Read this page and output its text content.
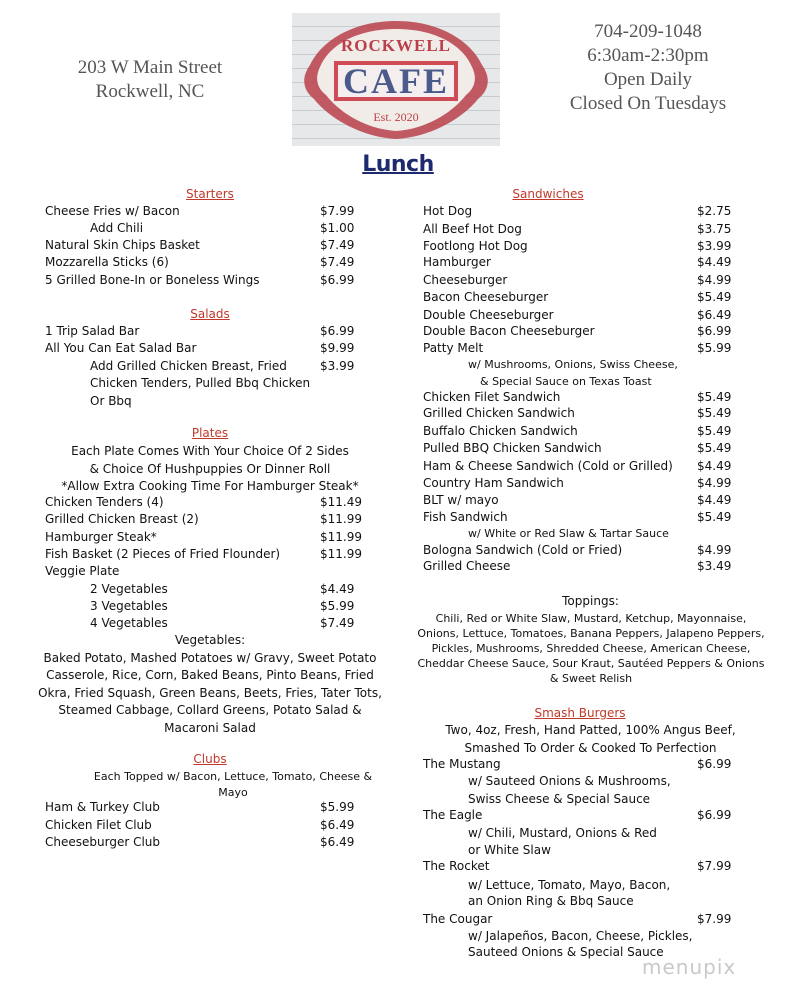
203 W Main Street
Rockwell, NC
ROCKWELL
CAFE
Est. 2020
704-209-1048
6:30am-2:30pm
Open Daily
Closed On Tuesdays
Lunch
Starters
Cheese Fries w/ Bacon	$7.99
Add Chili	$1.00
Natural Skin Chips Basket	$7.49
Mozzarella Sticks (6)	$7.49
5 Grilled Bone-In or Boneless Wings	$6.99
Salads
1 Trip Salad Bar	$6.99
All You Can Eat Salad Bar	$9.99
Add Grilled Chicken Breast, Fried	$3.99
Chicken Tenders, Pulled Bbq Chicken
Or Bbq
Plates
Each Plate Comes With Your Choice Of 2 Sides
& Choice Of Hushpuppies Or Dinner Roll
*Allow Extra Cooking Time For Hamburger Steak*
Chicken Tenders (4)	$11.49
Grilled Chicken Breast (2)	$11.99
Hamburger Steak*	$11.99
Fish Basket (2 Pieces of Fried Flounder)	$11.99
Veggie Plate
2 Vegetables	$4.49
3 Vegetables	$5.99
4 Vegetables	$7.49
Vegetables:
Baked Potato, Mashed Potatoes w/ Gravy, Sweet Potato
Casserole, Rice, Corn, Baked Beans, Pinto Beans, Fried
Okra, Fried Squash, Green Beans, Beets, Fries, Tater Tots,
Steamed Cabbage, Collard Greens, Potato Salad &
Macaroni Salad
Clubs
Each Topped w/ Bacon, Lettuce, Tomato, Cheese &
Mayo
Ham & Turkey Club	$5.99
Chicken Filet Club	$6.49
Cheeseburger Club	$6.49
Sandwiches
Hot Dog	$2.75
All Beef Hot Dog	$3.75
Footlong Hot Dog	$3.99
Hamburger	$4.49
Cheeseburger	$4.99
Bacon Cheeseburger	$5.49
Double Cheeseburger	$6.49
Double Bacon Cheeseburger	$6.99
Patty Melt	$5.99
w/ Mushrooms, Onions, Swiss Cheese,
& Special Sauce on Texas Toast
Chicken Filet Sandwich	$5.49
Grilled Chicken Sandwich	$5.49
Buffalo Chicken Sandwich	$5.49
Pulled BBQ Chicken Sandwich	$5.49
Ham & Cheese Sandwich (Cold or Grilled) $4.49
Country Ham Sandwich	$4.99
BLT w/ mayo	$4.49
Fish Sandwich	$5.49
w/ White or Red Slaw & Tartar Sauce
Bologna Sandwich (Cold or Fried)	$4.99
Grilled Cheese	$3.49
Toppings:
Chili, Red or White Slaw, Mustard, Ketchup, Mayonnaise,
Onions, Lettuce, Tomatoes, Banana Peppers, Jalapeno Peppers,
Pickles, Mushrooms, Shredded Cheese, American Cheese,
Cheddar Cheese Sauce, Sour Kraut, Sautéed Peppers & Onions
& Sweet Relish
Smash Burgers
Two, 4oz, Fresh, Hand Patted, 100% Angus Beef,
Smashed To Order & Cooked To Perfection
The Mustang	$6.99
w/ Sauteed Onions & Mushrooms,
Swiss Cheese & Special Sauce
The Eagle	$6.99
w/ Chili, Mustard, Onions & Red
or White Slaw
The Rocket	$7.99
w/ Lettuce, Tomato, Mayo, Bacon,
an Onion Ring & Bbq Sauce
The Cougar	$7.99
w/ Jalapeños, Bacon, Cheese, Pickles,
Sauteed Onions & Special Sauce
menupix
